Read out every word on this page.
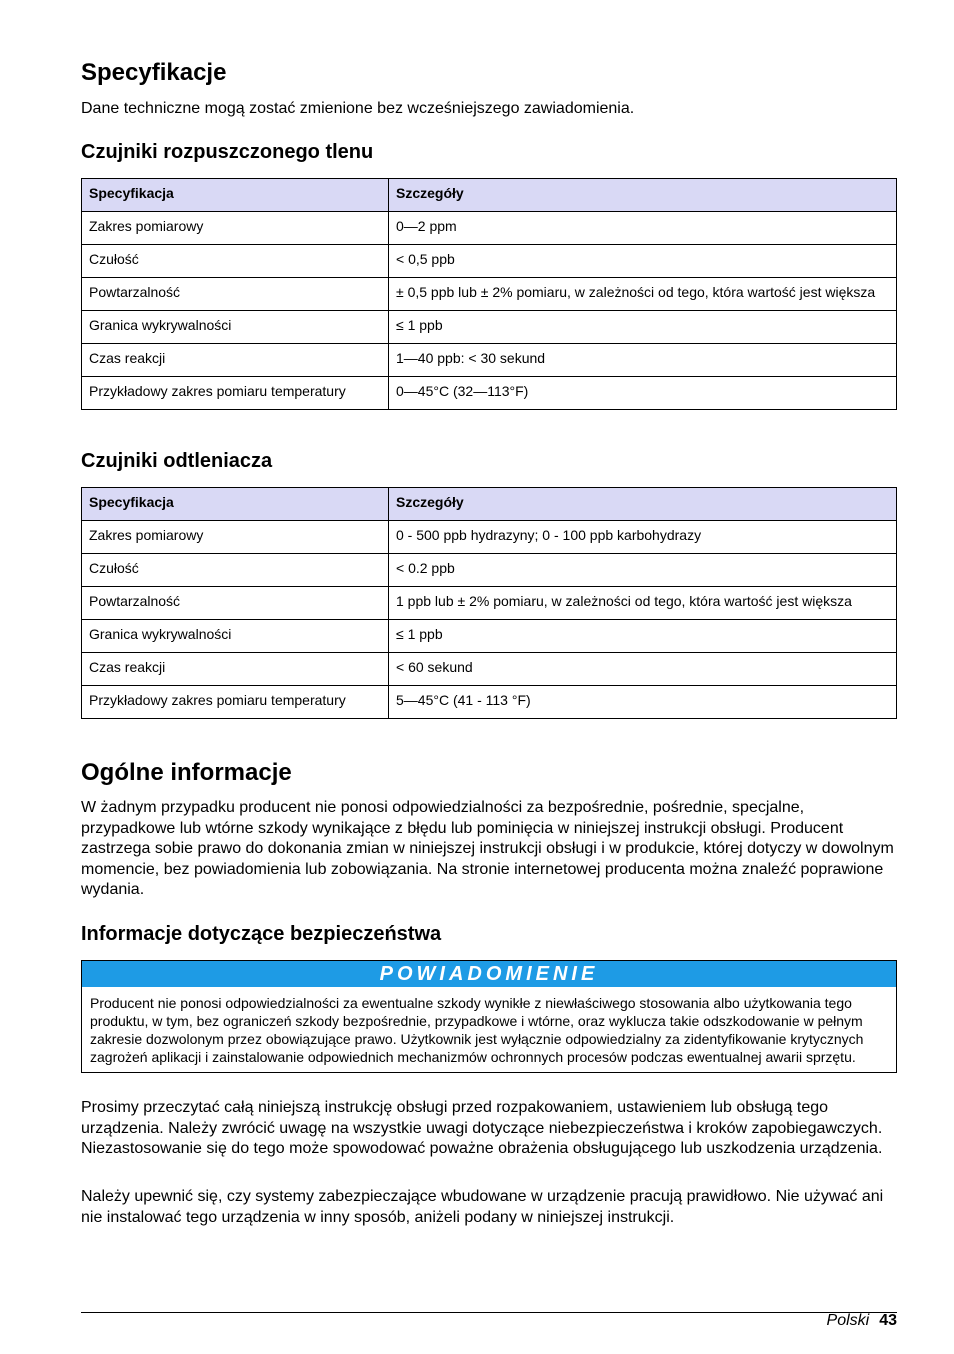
Specyfikacje

Dane techniczne mogą zostać zmienione bez wcześniejszego zawiadomienia.

Czujniki rozpuszczonego tlenu
Specyfikacja	Szczegóły
Zakres pomiarowy	0—2 ppm
Czułość	< 0,5 ppb
Powtarzalność	± 0,5 ppb lub ± 2% pomiaru, w zależności od tego, która wartość jest większa
Granica wykrywalności	≤ 1 ppb
Czas reakcji	1—40 ppb: < 30 sekund
Przykładowy zakres pomiaru temperatury	0—45°C (32—113°F)
Czujniki odtleniacza
Specyfikacja	Szczegóły
Zakres pomiarowy	0 - 500 ppb hydrazyny; 0 - 100 ppb karbohydrazy
Czułość	< 0.2 ppb
Powtarzalność	1 ppb lub ± 2% pomiaru, w zależności od tego, która wartość jest większa
Granica wykrywalności	≤ 1 ppb
Czas reakcji	< 60 sekund
Przykładowy zakres pomiaru temperatury	5—45°C (41 - 113 °F)
Ogólne informacje

W żadnym przypadku producent nie ponosi odpowiedzialności za bezpośrednie, pośrednie, specjalne, przypadkowe lub wtórne szkody wynikające z błędu lub pominięcia w niniejszej instrukcji obsługi. Producent zastrzega sobie prawo do dokonania zmian w niniejszej instrukcji obsługi i w produkcie, której dotyczy w dowolnym momencie, bez powiadomienia lub zobowiązania. Na stronie internetowej producenta można znaleźć poprawione wydania.

Informacje dotyczące bezpieczeństwa
POWIADOMIENIE
Producent nie ponosi odpowiedzialności za ewentualne szkody wynikłe z niewłaściwego stosowania albo użytkowania tego produktu, w tym, bez ograniczeń szkody bezpośrednie, przypadkowe i wtórne, oraz wyklucza takie odszkodowanie w pełnym zakresie dozwolonym przez obowiązujące prawo. Użytkownik jest wyłącznie odpowiedzialny za zidentyfikowanie krytycznych zagrożeń aplikacji i zainstalowanie odpowiednich mechanizmów ochronnych procesów podczas ewentualnej awarii sprzętu.

Prosimy przeczytać całą niniejszą instrukcję obsługi przed rozpakowaniem, ustawieniem lub obsługą tego urządzenia. Należy zwrócić uwagę na wszystkie uwagi dotyczące niebezpieczeństwa i kroków zapobiegawczych. Niezastosowanie się do tego może spowodować poważne obrażenia obsługującego lub uszkodzenia urządzenia.

Należy upewnić się, czy systemy zabezpieczające wbudowane w urządzenie pracują prawidłowo. Nie używać ani nie instalować tego urządzenia w inny sposób, aniżeli podany w niniejszej instrukcji.

Polski 43
